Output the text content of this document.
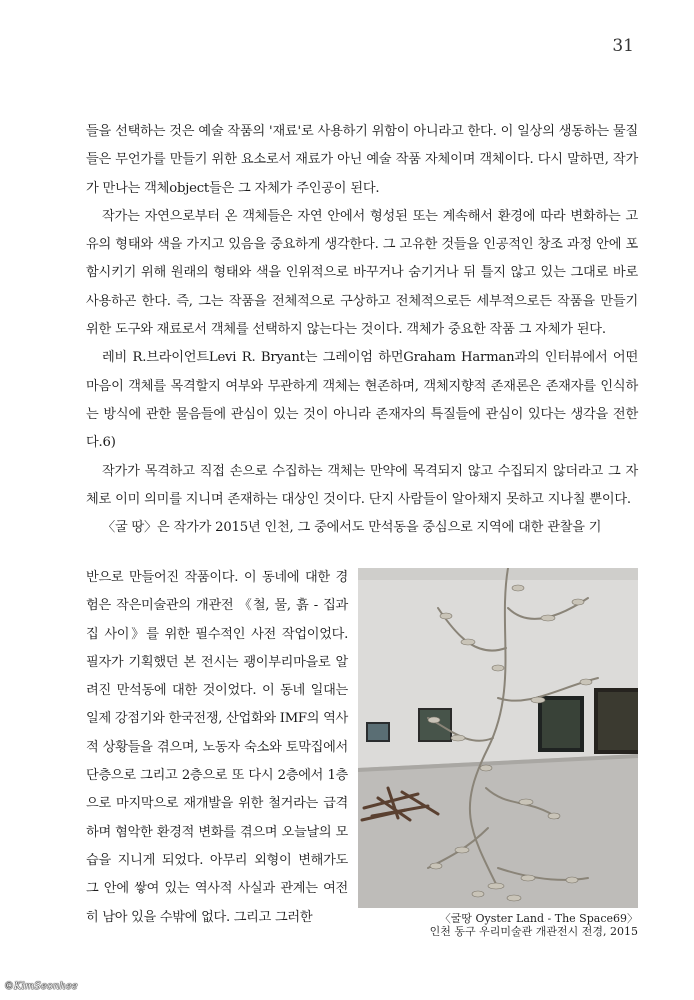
31

들을 선택하는 것은 예술 작품의 '재료'로 사용하기 위함이 아니라고 한다. 이 일상의 생동하는 물질들은 무언가를 만들기 위한 요소로서 재료가 아닌 예술 작품 자체이며 객체이다. 다시 말하면, 작가가 만나는 객체object들은 그 자체가 주인공이 된다.

작가는 자연으로부터 온 객체들은 자연 안에서 형성된 또는 계속해서 환경에 따라 변화하는 고유의 형태와 색을 가지고 있음을 중요하게 생각한다. 그 고유한 것들을 인공적인 창조 과정 안에 포함시키기 위해 원래의 형태와 색을 인위적으로 바꾸거나 숨기거나 뒤 틀지 않고 있는 그대로 바로 사용하곤 한다. 즉, 그는 작품을 전체적으로 구상하고 전체적으로든 세부적으로든 작품을 만들기 위한 도구와 재료로서 객체를 선택하지 않는다는 것이다. 객체가 중요한 작품 그 자체가 된다.

레비 R.브라이언트Levi R. Bryant는 그레이엄 하먼Graham Harman과의 인터뷰에서 어떤 마음이 객체를 목격할지 여부와 무관하게 객체는 현존하며, 객체지향적 존재론은 존재자를 인식하는 방식에 관한 물음들에 관심이 있는 것이 아니라 존재자의 특질들에 관심이 있다는 생각을 전한다.6)

작가가 목격하고 직접 손으로 수집하는 객체는 만약에 목격되지 않고 수집되지 않더라고 그 자체로 이미 의미를 지니며 존재하는 대상인 것이다. 단지 사람들이 알아채지 못하고 지나칠 뿐이다.

〈굴 땅〉은 작가가 2015년 인천, 그 중에서도 만석동을 중심으로 지역에 대한 관찰을 기

반으로 만들어진 작품이다. 이 동네에 대한 경험은 작은미술관의 개관전 《철, 물, 흙 - 집과 집 사이》를 위한 필수적인 사전 작업이었다. 필자가 기획했던 본 전시는 괭이부리마을로 알려진 만석동에 대한 것이었다. 이 동네 일대는 일제 강점기와 한국전쟁, 산업화와 IMF의 역사적 상황들을 겪으며, 노동자 숙소와 토막집에서 단층으로 그리고 2층으로 또 다시 2층에서 1층으로 마지막으로 재개발을 위한 철거라는 급격하며 혐악한 환경적 변화를 겪으며 오늘날의 모습을 지니게 되었다. 아무리 외형이 변해가도 그 안에 쌓여 있는 역사적 사실과 관계는 여전히 남아 있을 수밖에 없다. 그리고 그러한	〈굴땅 Oyster Land - The Space69〉
인천 동구 우리미술관 개관전시 전경, 2015
©KimSeonhee
